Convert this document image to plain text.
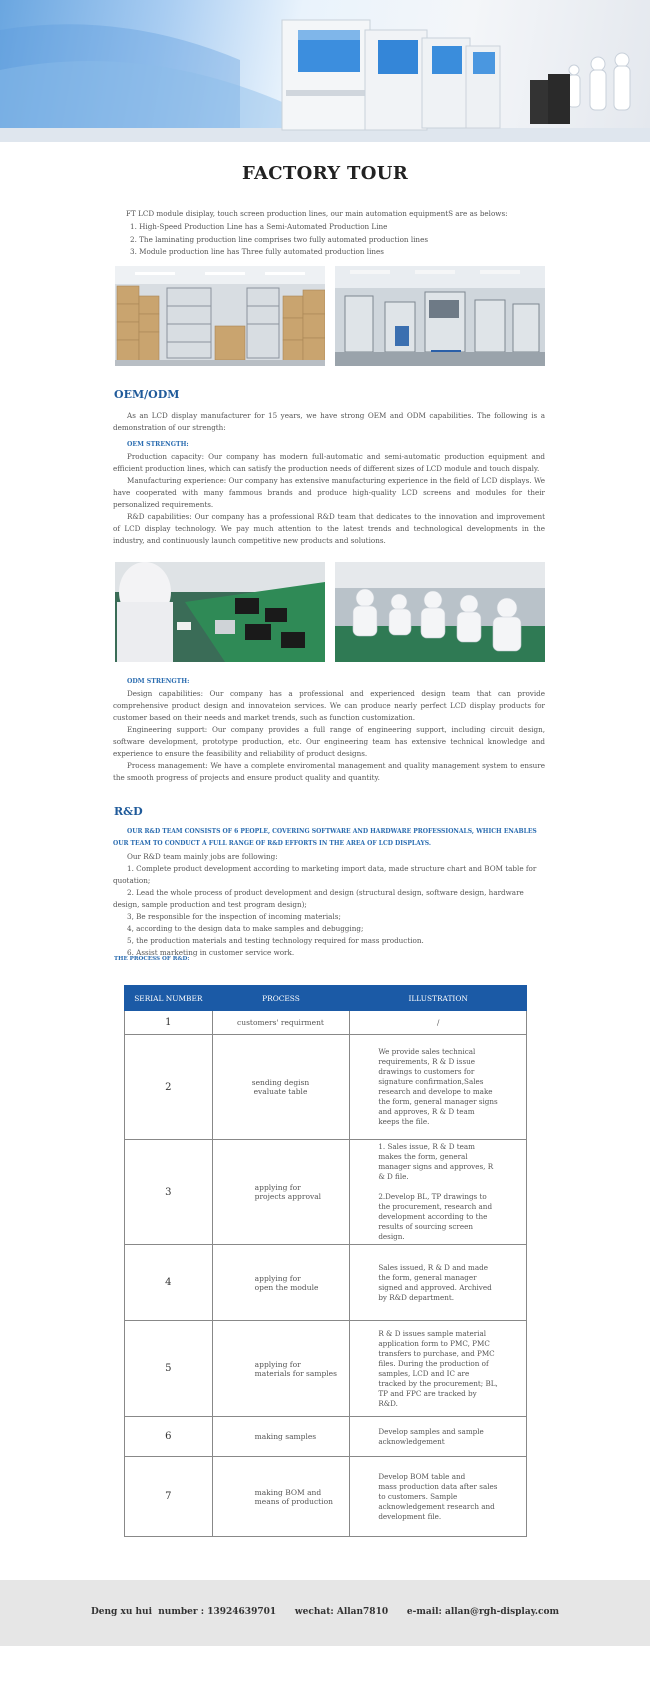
FACTORY TOUR
FT LCD module disiplay, touch screen production lines, our main automation equipmentS are as belows:
1. High-Speed Production Line has a Semi-Automated Production Line
2. The laminating production line comprises two fully automated production lines
3. Module production line has Three fully automated production lines
OEM/ODM

As an LCD display manufacturer for 15 years, we have strong OEM and ODM capabilities. The following is a demonstration of our strength:

OEM STRENGTH:

Production capacity: Our company has modern full-automatic and semi-automatic production equipment and efficient production lines, which can satisfy the production needs of different sizes of LCD module and touch dispaly.

Manufacturing experience: Our company has extensive manufacturing experience in the field of LCD displays. We have cooperated with many fammous brands and produce high-quality LCD screens and modules for their personalized requirements.

R&D capabilities: Our company has a professional R&D team that dedicates to the innovation and improvement of LCD display technology. We pay much attention to the latest trends and technological developments in the industry, and continuously launch competitive new products and solutions.

ODM STRENGTH:

Design capabilities: Our company has a professional and experienced design team that can provide comprehensive product design and innovateion services. We can produce nearly perfect LCD display products for customer based on their needs and market trends, such as function customization.

Engineering support: Our company provides a full range of engineering support, including circuit design, software development, prototype production, etc. Our engineering team has extensive technical knowledge and experience to ensure the feasibility and reliability of product designs.

Process management: We have a complete enviromental management and quality management system to ensure the smooth progress of projects and ensure product quality and quantity.

R&D
OUR R&D TEAM CONSISTS OF 6 PEOPLE, COVERING SOFTWARE AND HARDWARE PROFESSIONALS, WHICH ENABLES OUR TEAM TO CONDUCT A FULL RANGE OF R&D EFFORTS IN THE AREA OF LCD DISPLAYS.

Our R&D team mainly jobs are following:

1. Complete product development according to marketing import data, made structure chart and BOM table for quotation;

2. Lead the whole process of product development and design (structural design, software design, hardware design, sample production and test program design);

3, Be responsible for the inspection of incoming materials;

4, according to the design data to make samples and debugging;

5, the production materials and testing technology required for mass production.

6. Assist marketing in customer service work.

THE PROCESS OF R&D:
SERIAL NUMBER	PROCESS	ILLUSTRATION
1	customers' requirment	/
2	sending degisn
evaluate table	We provide sales technical requirements, R & D issue drawings to customers for signature confirmation,Sales research and develope to make the form, general manager signs and approves, R & D team keeps the file.
3	applying for
projects approval	1. Sales issue, R & D team makes the form, general manager signs and approves, R & D file.

2.Develop BL, TP drawings to the procurement, research and development according to the results of sourcing screen design.
4	applying for
open the module	Sales issued, R & D and made the form, general manager signed and approved. Archived by R&D department.
5	applying for
materials for samples	R & D issues sample material application form to PMC, PMC transfers to purchase, and PMC files. During the production of samples, LCD and IC are tracked by the procurement; BL, TP and FPC are tracked by R&D.
6	making samples	Develop samples and sample acknowledgement
7	making BOM and
means of production	Develop BOM table and
mass production data after sales to customers. Sample acknowledgement research and development file.
Deng xu hui  number : 13924639701      wechat: Allan7810      e-mail: allan@rgh-display.com
